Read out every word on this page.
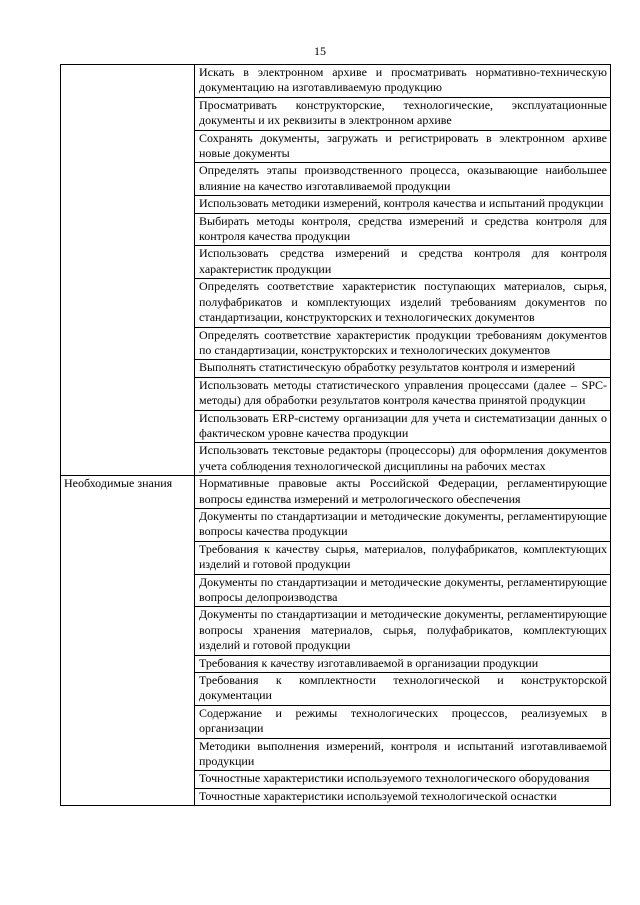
15
	Искать в электронном архиве и просматривать нормативно-техническую документацию на изготавливаемую продукцию
	Просматривать конструкторские, технологические, эксплуатационные документы и их реквизиты в электронном архиве
	Сохранять документы, загружать и регистрировать в электронном архиве новые документы
	Определять этапы производственного процесса, оказывающие наибольшее влияние на качество изготавливаемой продукции
	Использовать методики измерений, контроля качества и испытаний продукции
	Выбирать методы контроля, средства измерений и средства контроля для контроля качества продукции
	Использовать средства измерений и средства контроля для контроля характеристик продукции
	Определять соответствие характеристик поступающих материалов, сырья, полуфабрикатов и комплектующих изделий требованиям документов по стандартизации, конструкторских и технологических документов
	Определять соответствие характеристик продукции требованиям документов по стандартизации, конструкторских и технологических документов
	Выполнять статистическую обработку результатов контроля и измерений
	Использовать методы статистического управления процессами (далее – SPC-методы) для обработки результатов контроля качества принятой продукции
	Использовать ERP-систему организации для учета и систематизации данных о фактическом уровне качества продукции
	Использовать текстовые редакторы (процессоры) для оформления документов учета соблюдения технологической дисциплины на рабочих местах
Необходимые знания	Нормативные правовые акты Российской Федерации, регламентирующие вопросы единства измерений и метрологического обеспечения
	Документы по стандартизации и методические документы, регламентирующие вопросы качества продукции
	Требования к качеству сырья, материалов, полуфабрикатов, комплектующих изделий и готовой продукции
	Документы по стандартизации и методические документы, регламентирующие вопросы делопроизводства
	Документы по стандартизации и методические документы, регламентирующие вопросы хранения материалов, сырья, полуфабрикатов, комплектующих изделий и готовой продукции
	Требования к качеству изготавливаемой в организации продукции
	Требования к комплектности технологической и конструкторской документации
	Содержание и режимы технологических процессов, реализуемых в организации
	Методики выполнения измерений, контроля и испытаний изготавливаемой продукции
	Точностные характеристики используемого технологического оборудования
	Точностные характеристики используемой технологической оснастки
